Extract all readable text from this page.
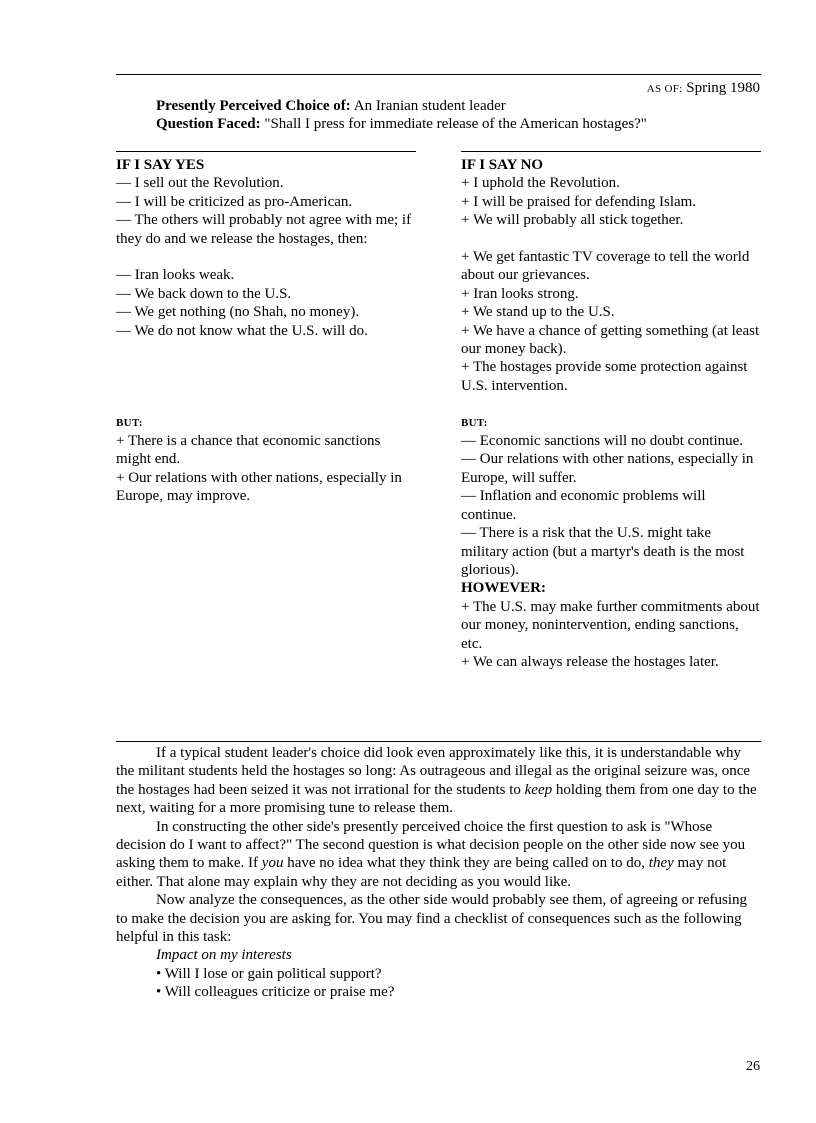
AS OF: Spring 1980
Presently Perceived Choice of: An Iranian student leader
Question Faced: "Shall I press for immediate release of the American hostages?"

IF I SAY YES

— I sell out the Revolution.

— I will be criticized as pro-American.

— The others will probably not agree with me; if they do and we release the hostages, then:

— Iran looks weak.

— We back down to the U.S.

— We get nothing (no Shah, no money).

— We do not know what the U.S. will do.

BUT:

+ There is a chance that economic sanctions might end.

+ Our relations with other nations, especially in Europe, may improve.

IF I SAY NO

+ I uphold the Revolution.

+ I will be praised for defending Islam.

+ We will probably all stick together.

+ We get fantastic TV coverage to tell the world about our grievances.

+ Iran looks strong.

+ We stand up to the U.S.

+ We have a chance of getting something (at least our money back).

+ The hostages provide some protection against U.S. intervention.

BUT:

— Economic sanctions will no doubt continue.

— Our relations with other nations, especially in Europe, will suffer.

— Inflation and economic problems will continue.

— There is a risk that the U.S. might take military action (but a martyr's death is the most glorious).

HOWEVER:

+ The U.S. may make further commitments about our money, nonintervention, ending sanctions, etc.

+ We can always release the hostages later.

If a typical student leader's choice did look even approximately like this, it is understandable why the militant students held the hostages so long: As outrageous and illegal as the original seizure was, once the hostages had been seized it was not irrational for the students to keep holding them from one day to the next, waiting for a more promising tune to release them.

In constructing the other side's presently perceived choice the first question to ask is "Whose decision do I want to affect?" The second question is what decision people on the other side now see you asking them to make. If you have no idea what they think they are being called on to do, they may not either. That alone may explain why they are not deciding as you would like.

Now analyze the consequences, as the other side would probably see them, of agreeing or refusing to make the decision you are asking for. You may find a checklist of consequences such as the following helpful in this task:

Impact on my interests

• Will I lose or gain political support?

• Will colleagues criticize or praise me?

26
